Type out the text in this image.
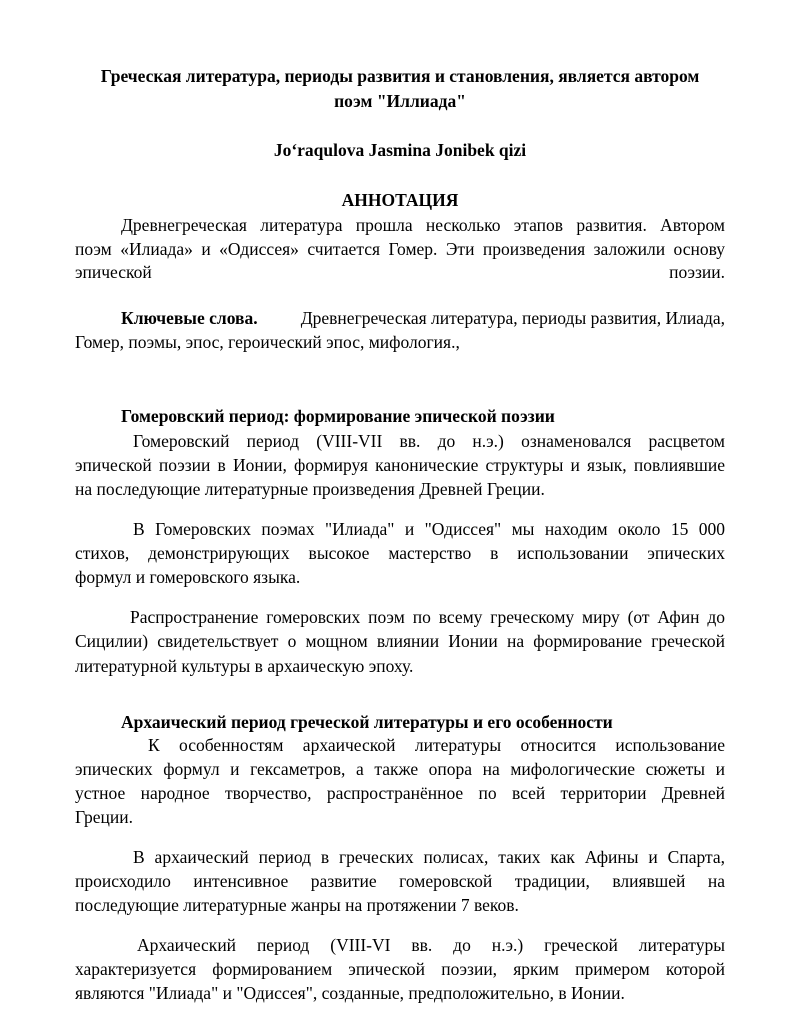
Греческая литература, периоды развития и становления, является автором
поэм "Иллиада"
Jo‘raqulova Jasmina Jonibek qizi
АННОТАЦИЯ
Древнегреческая литература прошла несколько этапов развития. Автором
поэм «Илиада» и «Одиссея» считается Гомер. Эти произведения заложили основу
эпической	поэзии.
Ключевые слова. Древнегреческая литература, периоды развития, Илиада,
Гомер, поэмы, эпос, героический эпос, мифология.,
Гомеровский период: формирование эпической поэзии
Гомеровский период (VIII-VII вв. до н.э.) ознаменовался расцветом
эпической поэзии в Ионии, формируя канонические структуры и язык, повлиявшие
на последующие литературные произведения Древней Греции.
В Гомеровских поэмах "Илиада" и "Одиссея" мы находим около 15 000
стихов, демонстрирующих высокое мастерство в использовании эпических
формул и гомеровского языка.
Распространение гомеровских поэм по всему греческому миру (от Афин до
Сицилии) свидетельствует о мощном влиянии Ионии на формирование греческой
литературной культуры в архаическую эпоху.
Архаический период греческой литературы и его особенности
К особенностям архаической литературы относится использование
эпических формул и гексаметров, а также опора на мифологические сюжеты и
устное народное творчество, распространённое по всей территории Древней
Греции.
В архаический период в греческих полисах, таких как Афины и Спарта,
происходило интенсивное развитие гомеровской традиции, влиявшей на
последующие литературные жанры на протяжении 7 веков.
Архаический период (VIII-VI вв. до н.э.) греческой литературы
характеризуется формированием эпической поэзии, ярким примером которой
являются "Илиада" и "Одиссея", созданные, предположительно, в Ионии.
